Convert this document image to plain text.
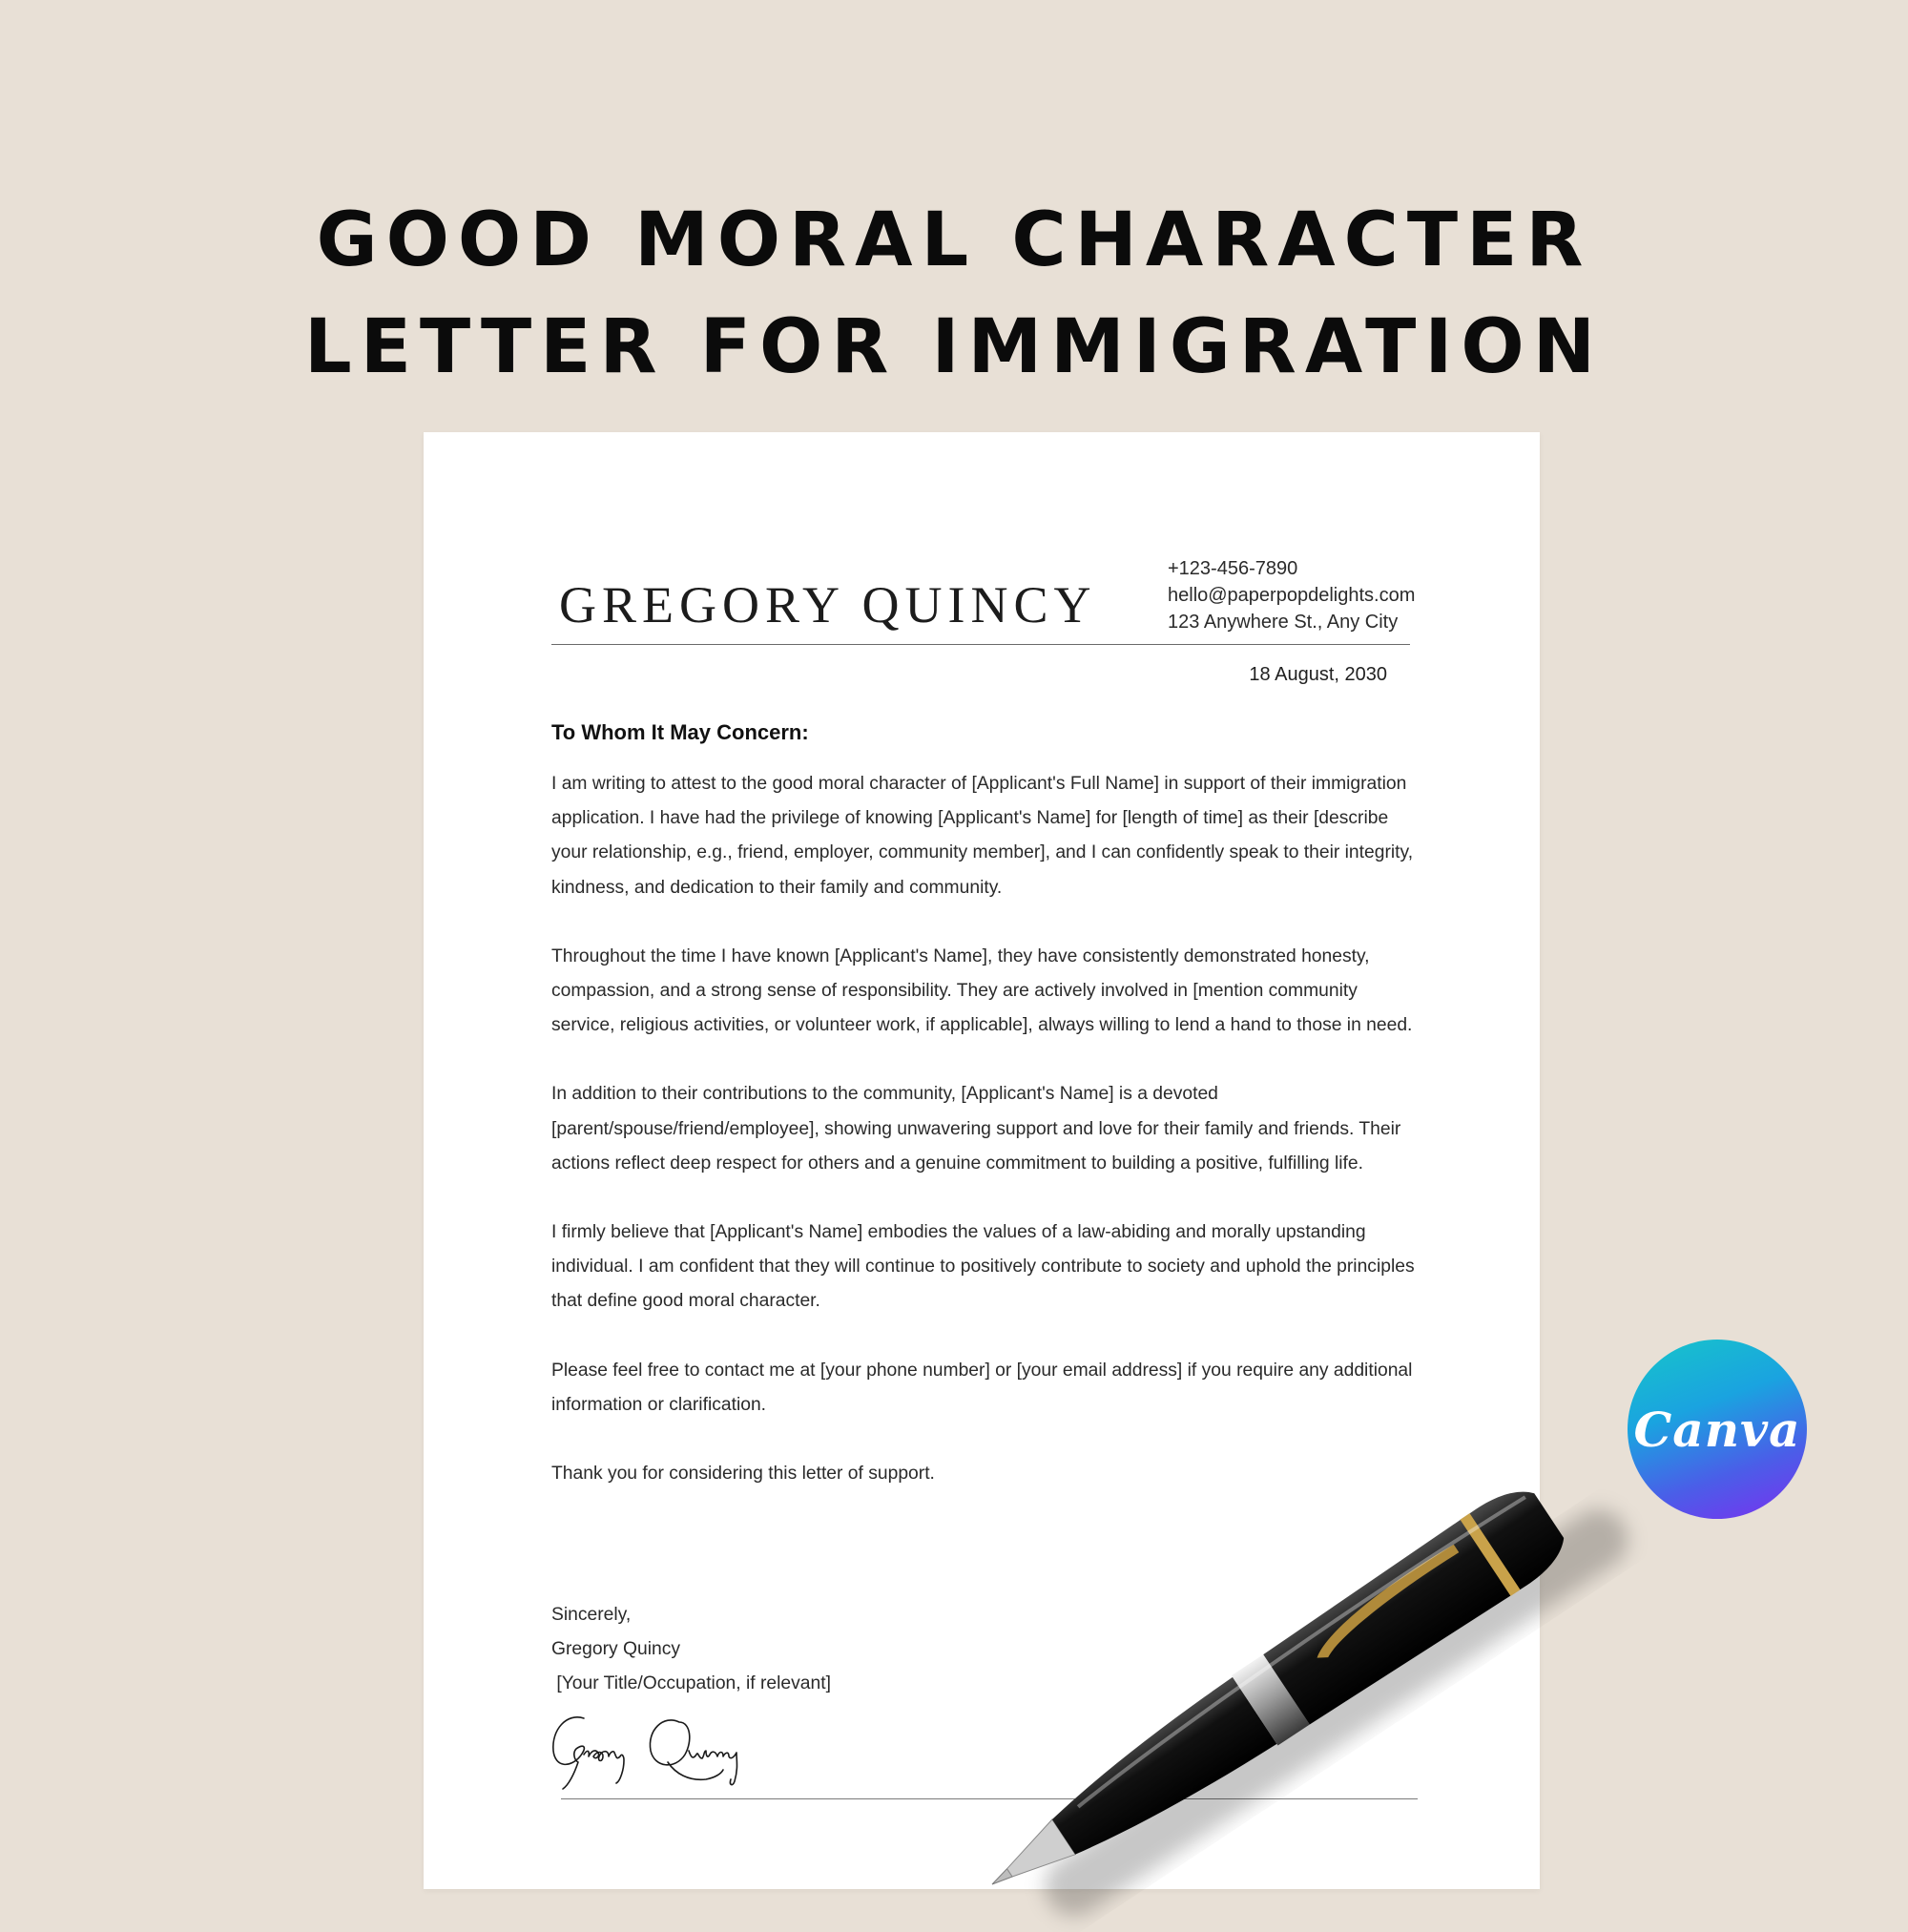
GOOD MORAL CHARACTER
LETTER FOR IMMIGRATION
GREGORY QUINCY
+123-456-7890
hello@paperpopdelights.com
123 Anywhere St., Any City
18 August, 2030
To Whom It May Concern:

I am writing to attest to the good moral character of [Applicant's Full Name] in support of their immigration application. I have had the privilege of knowing [Applicant's Name] for [length of time] as their [describe your relationship, e.g., friend, employer, community member], and I can confidently speak to their integrity, kindness, and dedication to their family and community.

Throughout the time I have known [Applicant's Name], they have consistently demonstrated honesty, compassion, and a strong sense of responsibility. They are actively involved in [mention community service, religious activities, or volunteer work, if applicable], always willing to lend a hand to those in need.

In addition to their contributions to the community, [Applicant's Name] is a devoted [parent/spouse/friend/employee], showing unwavering support and love for their family and friends. Their actions reflect deep respect for others and a genuine commitment to building a positive, fulfilling life.

I firmly believe that [Applicant's Name] embodies the values of a law-abiding and morally upstanding individual. I am confident that they will continue to positively contribute to society and uphold the principles that define good moral character.

Please feel free to contact me at [your phone number] or [your email address] if you require any additional information or clarification.

Thank you for considering this letter of support.

Sincerely,
Gregory Quincy
[Your Title/Occupation, if relevant]
Canva
